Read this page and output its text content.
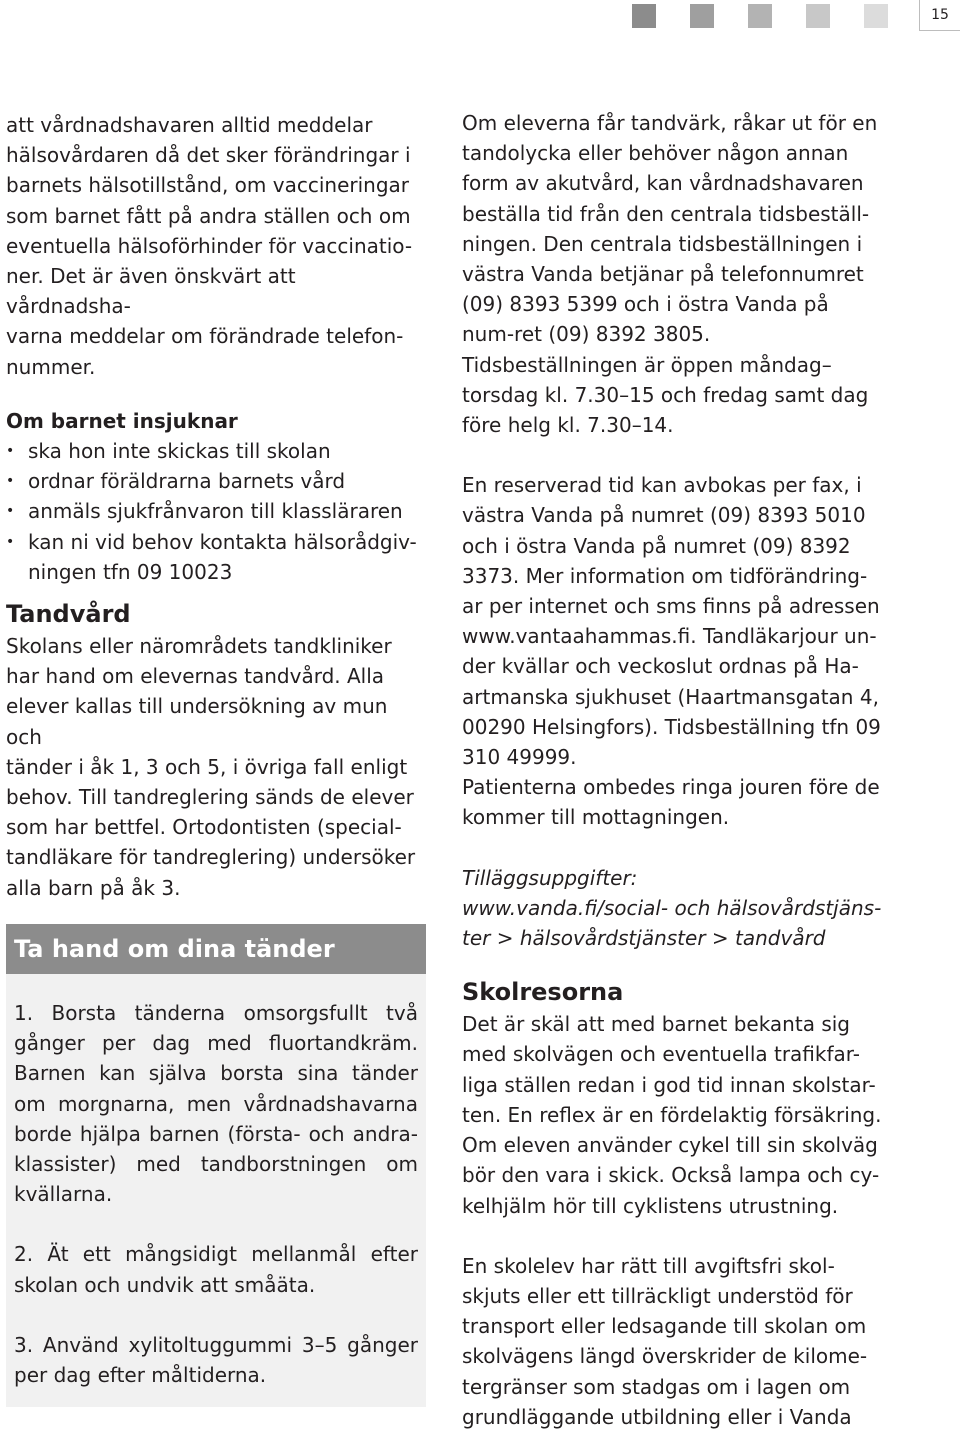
15
att vårdnadshavaren alltid meddelar
hälsovårdaren då det sker förändringar i
barnets hälsotillstånd, om vaccineringar
som barnet fått på andra ställen och om
eventuella hälsoförhinder för vaccinatio-
ner. Det är även önskvärt att vårdnadsha-
varna meddelar om förändrade telefon-
nummer.

Om barnet insjuknar

• ska hon inte skickas till skolan
• ordnar föräldrarna barnets vård
• anmäls sjukfrånvaron till klassläraren
• kan ni vid behov kontakta hälsorådgiv-ningen tfn 09 10023
Tandvård
Skolans eller närområdets tandkliniker
har hand om elevernas tandvård. Alla
elever kallas till undersökning av mun och
tänder i åk 1, 3 och 5, i övriga fall enligt
behov. Till tandreglering sänds de elever
som har bettfel. Ortodontisten (special-
tandläkare för tandreglering) undersöker
alla barn på åk 3.
Ta hand om dina tänder

1. Borsta tänderna omsorgsfullt två gånger per dag med fluortandkräm. Barnen kan själva borsta sina tänder om morgnarna, men vårdnadshavarna borde hjälpa barnen (första- och andra-klassister) med tandborstningen om kvällarna.

2. Ät ett mångsidigt mellanmål efter skolan och undvik att småäta.

3. Använd xylitoltuggummi 3–5 gånger per dag efter måltiderna.

Om eleverna får tandvärk, råkar ut för en tandolycka eller behöver någon annan form av akutvård, kan vårdnadshavaren beställa tid från den centrala tidsbeställ-ningen. Den centrala tidsbeställningen i västra Vanda betjänar på telefonnumret (09) 8393 5399 och i östra Vanda på num-ret (09) 8392 3805. Tidsbeställningen är öppen måndag–torsdag kl. 7.30–15 och fredag samt dag före helg kl. 7.30–14.

En reserverad tid kan avbokas per fax, i västra Vanda på numret (09) 8393 5010 och i östra Vanda på numret (09) 8392 3373. Mer information om tidförändring-ar per internet och sms finns på adressen www.vantaahammas.fi. Tandläkarjour un-der kvällar och veckoslut ordnas på Ha-artmanska sjukhuset (Haartmansgatan 4, 00290 Helsingfors). Tidsbeställning tfn 09 310 49999.

Patienterna ombedes ringa jouren före de kommer till mottagningen.

Tilläggsuppgifter:

www.vanda.fi/social- och hälsovårdstjäns-ter > hälsovårdstjänster > tandvård

Skolresorna

Det är skäl att med barnet bekanta sig med skolvägen och eventuella trafikfar-liga ställen redan i god tid innan skolstar-ten. En reflex är en fördelaktig försäkring. Om eleven använder cykel till sin skolväg bör den vara i skick. Också lampa och cy-kelhjälm hör till cyklistens utrustning.

En skolelev har rätt till avgiftsfri skol-skjuts eller ett tillräckligt understöd för transport eller ledsagande till skolan om skolvägens längd överskrider de kilome-tergränser som stadgas om i lagen om grundläggande utbildning eller i Vanda
